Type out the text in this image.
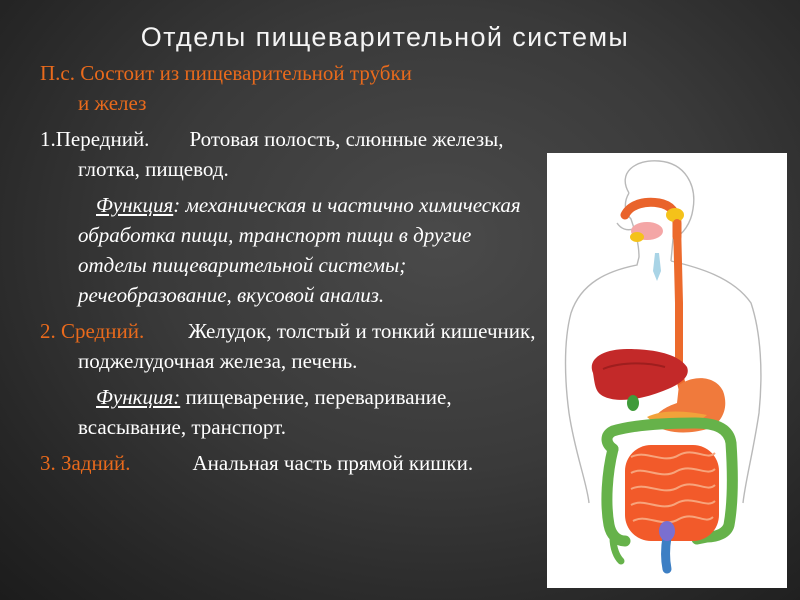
Отделы пищеварительной системы

П.с. Состоит из пищеварительной трубки
и желез

1.Передний. Ротовая полость, слюнные железы, глотка, пищевод.

Функция: механическая и частично химическая обработка пищи, транспорт пищи в другие отделы пищеварительной системы; речеобразование, вкусовой анализ.

2. Средний. Желудок, толстый и тонкий кишечник, поджелудочная железа, печень.

Функция: пищеварение, переваривание, всасывание, транспорт.

3. Задний.	Анальная часть прямой кишки.
